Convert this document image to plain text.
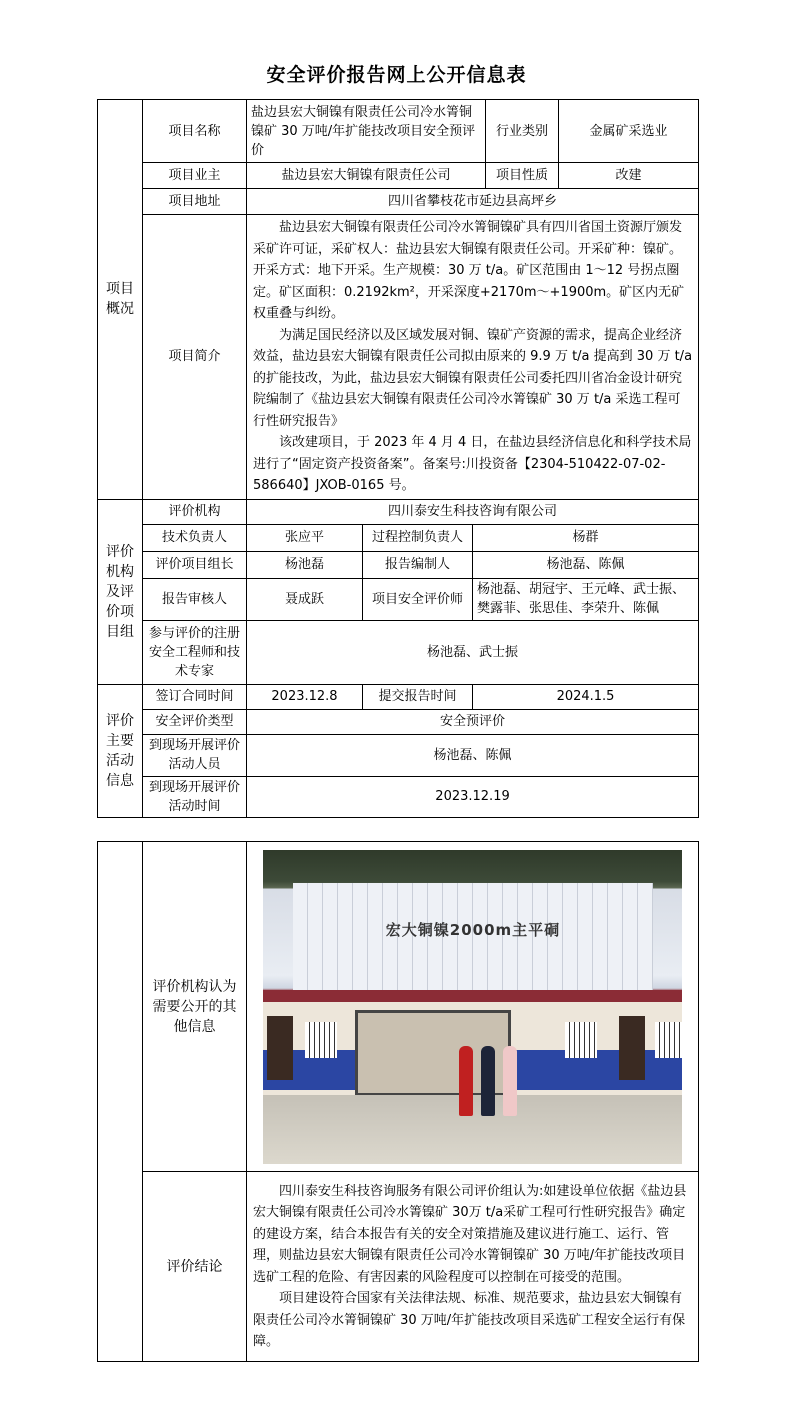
安全评价报告网上公开信息表
项目概况	项目名称	盐边县宏大铜镍有限责任公司冷水箐铜镍矿 30 万吨/年扩能技改项目安全预评价			行业类别	金属矿采选业
	项目业主	盐边县宏大铜镍有限责任公司			项目性质	改建
	项目地址	四川省攀枝花市延边县高坪乡				
	项目简介	盐边县宏大铜镍有限责任公司冷水箐铜镍矿具有四川省国土资源厅颁发采矿许可证，采矿权人：盐边县宏大铜镍有限责任公司。开采矿种：镍矿。开采方式：地下开采。生产规模：30 万 t/a。矿区范围由 1～12 号拐点圈定。矿区面积：0.2192km²，开采深度+2170m～+1900m。矿区内无矿权重叠与纠纷。

为满足国民经济以及区域发展对铜、镍矿产资源的需求，提高企业经济效益，盐边县宏大铜镍有限责任公司拟由原来的 9.9 万 t/a 提高到 30 万 t/a 的扩能技改，为此，盐边县宏大铜镍有限责任公司委托四川省冶金设计研究院编制了《盐边县宏大铜镍有限责任公司冷水箐镍矿 30 万 t/a 采选工程可行性研究报告》

该改建项目，于 2023 年 4 月 4 日，在盐边县经济信息化和科学技术局进行了“固定资产投资备案”。备案号:川投资备【2304-510422-07-02-586640】JXOB-0165 号。				

评价机构及评价项目组	评价机构	四川泰安生科技咨询有限公司				
	技术负责人	张应平	过程控制负责人	杨群		
	评价项目组长	杨池磊	报告编制人	杨池磊、陈佩		
	报告审核人	聂成跃	项目安全评价师	杨池磊、胡冠宇、王元峰、武士振、樊露菲、张思佳、李荣升、陈佩		
	参与评价的注册安全工程师和技术专家	杨池磊、武士振				
评价主要活动信息	签订合同时间	2023.12.8	提交报告时间	2024.1.5		
	安全评价类型	安全预评价				
	到现场开展评价活动人员	杨池磊、陈佩				
	到现场开展评价活动时间	2023.12.19				
	评价机构认为需要公开的其他信息	宏大铜镍2000m主平硐

	评价结论	四川泰安生科技咨询服务有限公司评价组认为:如建设单位依据《盐边县宏大铜镍有限责任公司冷水箐镍矿 30万 t/a采矿工程可行性研究报告》确定的建设方案，结合本报告有关的安全对策措施及建议进行施工、运行、管理，则盐边县宏大铜镍有限责任公司冷水箐铜镍矿 30 万吨/年扩能技改项目选矿工程的危险、有害因素的风险程度可以控制在可接受的范围。

项目建设符合国家有关法律法规、标准、规范要求，盐边县宏大铜镍有限责任公司冷水箐铜镍矿 30 万吨/年扩能技改项目采选矿工程安全运行有保障。
